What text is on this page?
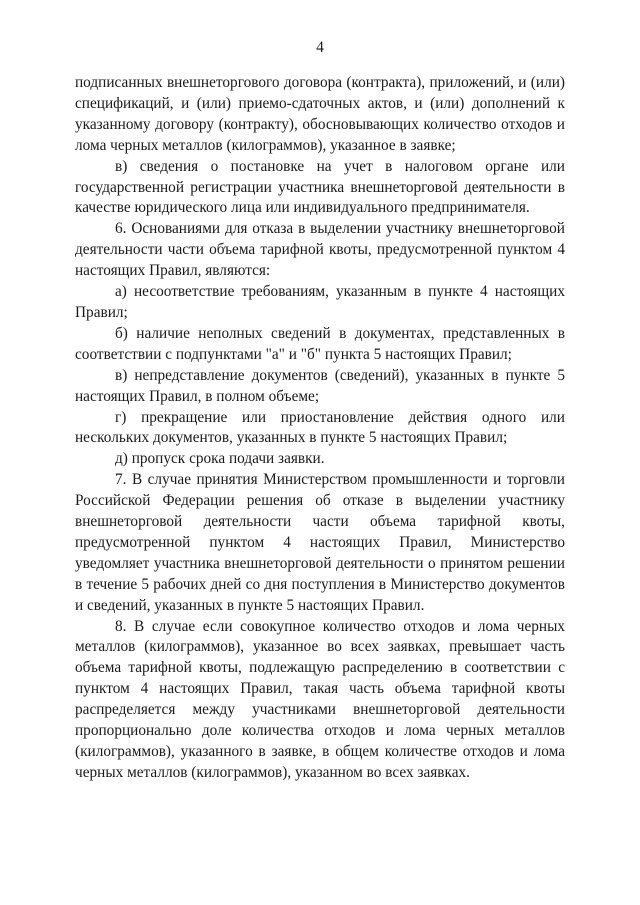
4

подписанных внешнеторгового договора (контракта), приложений, и (или) спецификаций, и (или) приемо-сдаточных актов, и (или) дополнений к указанному договору (контракту), обосновывающих количество отходов и лома черных металлов (килограммов), указанное в заявке;

в) сведения о постановке на учет в налоговом органе или государственной регистрации участника внешнеторговой деятельности в качестве юридического лица или индивидуального предпринимателя.

6. Основаниями для отказа в выделении участнику внешнеторговой деятельности части объема тарифной квоты, предусмотренной пунктом 4 настоящих Правил, являются:

а) несоответствие требованиям, указанным в пункте 4 настоящих Правил;

б) наличие неполных сведений в документах, представленных в соответствии с подпунктами "а" и "б" пункта 5 настоящих Правил;

в) непредставление документов (сведений), указанных в пункте 5 настоящих Правил, в полном объеме;

г) прекращение или приостановление действия одного или нескольких документов, указанных в пункте 5 настоящих Правил;

д) пропуск срока подачи заявки.

7. В случае принятия Министерством промышленности и торговли Российской Федерации решения об отказе в выделении участнику внешнеторговой деятельности части объема тарифной квоты, предусмотренной пунктом 4 настоящих Правил, Министерство уведомляет участника внешнеторговой деятельности о принятом решении в течение 5 рабочих дней со дня поступления в Министерство документов и сведений, указанных в пункте 5 настоящих Правил.

8. В случае если совокупное количество отходов и лома черных металлов (килограммов), указанное во всех заявках, превышает часть объема тарифной квоты, подлежащую распределению в соответствии с пунктом 4 настоящих Правил, такая часть объема тарифной квоты распределяется между участниками внешнеторговой деятельности пропорционально доле количества отходов и лома черных металлов (килограммов), указанного в заявке, в общем количестве отходов и лома черных металлов (килограммов), указанном во всех заявках.
